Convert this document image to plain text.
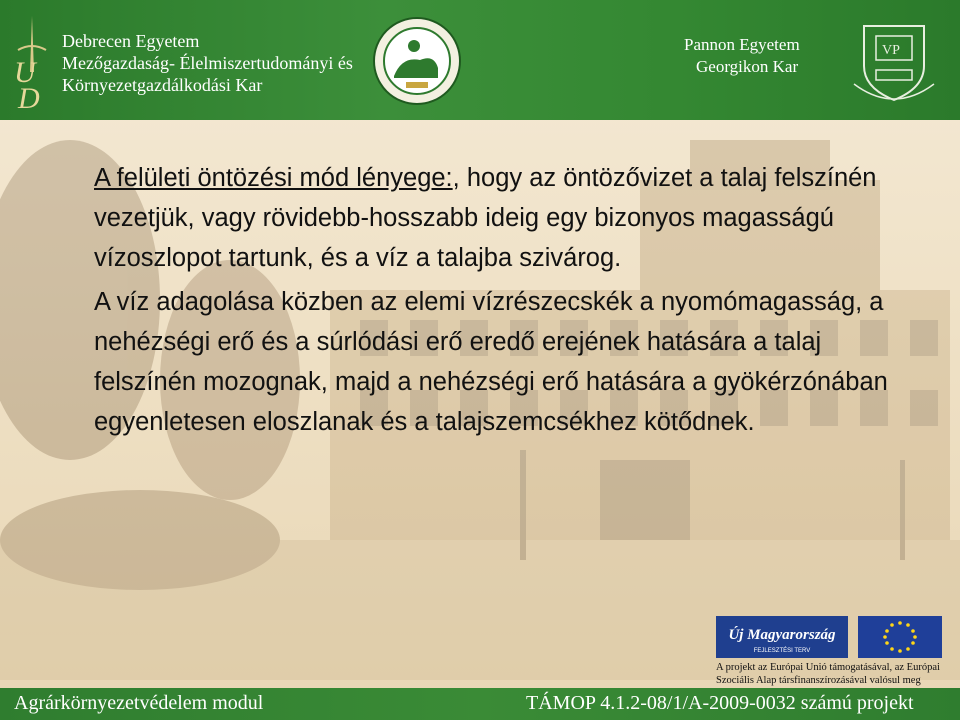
U
D
Debrecen Egyetem
Mezőgazdaság- Élelmiszertudományi és
Környezetgazdálkodási Kar
Pannon Egyetem
Georgikon Kar
VP

A felületi öntözési mód lényege:, hogy az öntözővizet a talaj felszínén vezetjük, vagy rövidebb-hosszabb ideig egy bizonyos magasságú vízoszlopot tartunk, és a víz a talajba szivárog.

A víz adagolása közben az elemi vízrészecskék a nyomómagasság, a nehézségi erő és a súrlódási erő eredő erejének hatására a talaj felszínén mozognak, majd a nehézségi erő hatására a gyökérzónában egyenletesen eloszlanak és a talajszemcsékhez kötődnek.

Új Magyarország
FEJLESZTÉSI TERV
A projekt az Európai Unió támogatásával, az Európai
Szociális Alap társfinanszírozásával valósul meg
Agrárkörnyezetvédelem modul	TÁMOP 4.1.2-08/1/A-2009-0032 számú projekt
